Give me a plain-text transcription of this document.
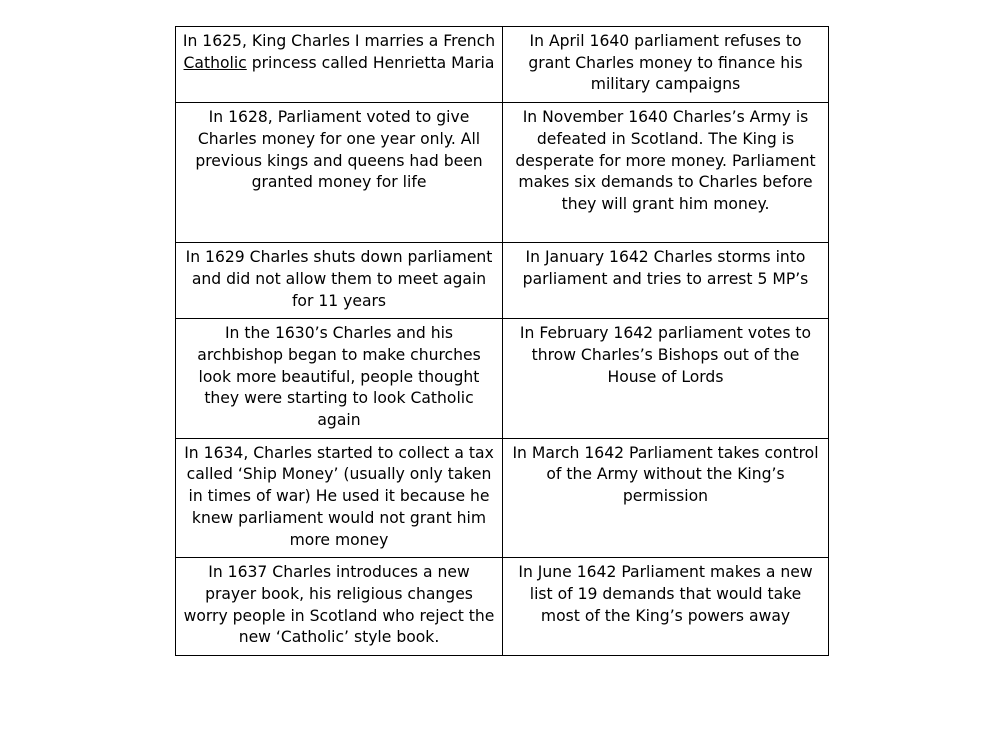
In 1625, King Charles I marries a French Catholic princess called Henrietta Maria	In April 1640 parliament refuses to grant Charles money to finance his military campaigns
In 1628, Parliament voted to give Charles money for one year only. All previous kings and queens had been granted money for life	In November 1640 Charles’s Army is defeated in Scotland. The King is desperate for more money. Parliament makes six demands to Charles before they will grant him money.
In 1629 Charles shuts down parliament and did not allow them to meet again for 11 years	In January 1642 Charles storms into parliament and tries to arrest 5 MP’s
In the 1630’s Charles and his archbishop began to make churches look more beautiful, people thought they were starting to look Catholic again	In February 1642 parliament votes to throw Charles’s Bishops out of the House of Lords
In 1634, Charles started to collect a tax called ‘Ship Money’ (usually only taken in times of war) He used it because he knew parliament would not grant him more money	In March 1642 Parliament takes control of the Army without the King’s permission
In 1637 Charles introduces a new prayer book, his religious changes worry people in Scotland who reject the new ‘Catholic’ style book.	In June 1642 Parliament makes a new list of 19 demands that would take most of the King’s powers away
